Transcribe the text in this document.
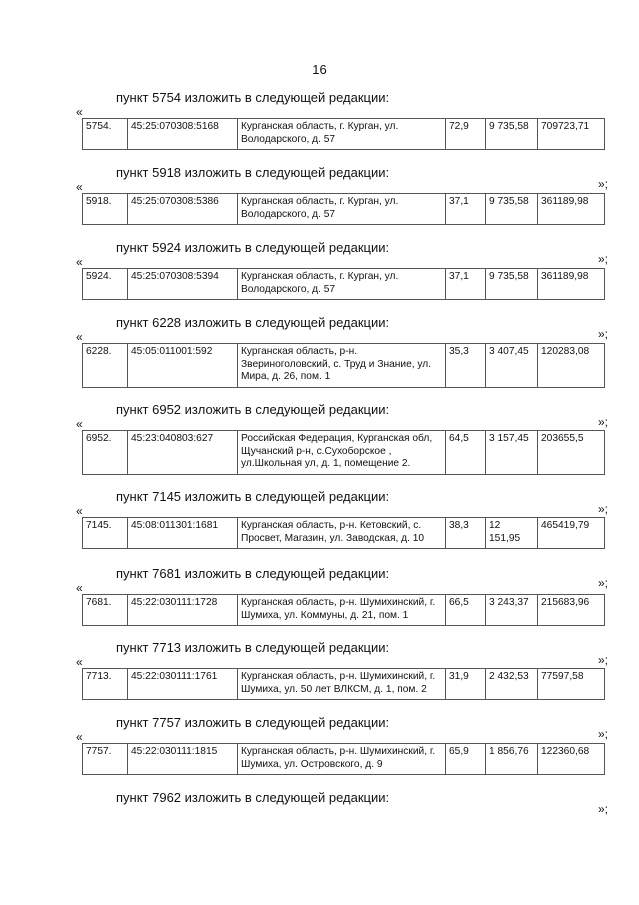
16
пункт 5754 изложить в следующей редакции:
«
5754.	45:25:070308:5168	Курганская область, г. Курган, ул. Володарского, д. 57	72,9	9 735,58	709723,71
»;
пункт 5918 изложить в следующей редакции:
«
5918.	45:25:070308:5386	Курганская область, г. Курган, ул. Володарского, д. 57	37,1	9 735,58	361189,98
»;
пункт 5924 изложить в следующей редакции:
«
5924.	45:25:070308:5394	Курганская область, г. Курган, ул. Володарского, д. 57	37,1	9 735,58	361189,98
»;
пункт 6228 изложить в следующей редакции:
«
6228.	45:05:011001:592	Курганская область, р-н. Звериноголовский, с. Труд и Знание, ул. Мира, д. 26, пом. 1	35,3	3 407,45	120283,08
»;
пункт 6952 изложить в следующей редакции:
«
6952.	45:23:040803:627	Российская Федерация, Курганская обл, Щучанский р-н, с.Сухоборское , ул.Школьная ул, д. 1, помещение 2.	64,5	3 157,45	203655,5
»;
пункт 7145 изложить в следующей редакции:
«
7145.	45:08:011301:1681	Курганская область, р-н. Кетовский, с. Просвет, Магазин, ул. Заводская, д. 10	38,3	12 151,95	465419,79
»;
пункт 7681 изложить в следующей редакции:
«
7681.	45:22:030111:1728	Курганская область, р-н. Шумихинский, г. Шумиха, ул. Коммуны, д. 21, пом. 1	66,5	3 243,37	215683,96
»;
пункт 7713 изложить в следующей редакции:
«
7713.	45:22:030111:1761	Курганская область, р-н. Шумихинский, г. Шумиха, ул. 50 лет ВЛКСМ, д. 1, пом. 2	31,9	2 432,53	77597,58
»;
пункт 7757 изложить в следующей редакции:
«
7757.	45:22:030111:1815	Курганская область, р-н. Шумихинский, г. Шумиха, ул. Островского, д. 9	65,9	1 856,76	122360,68
»;
пункт 7962 изложить в следующей редакции:
